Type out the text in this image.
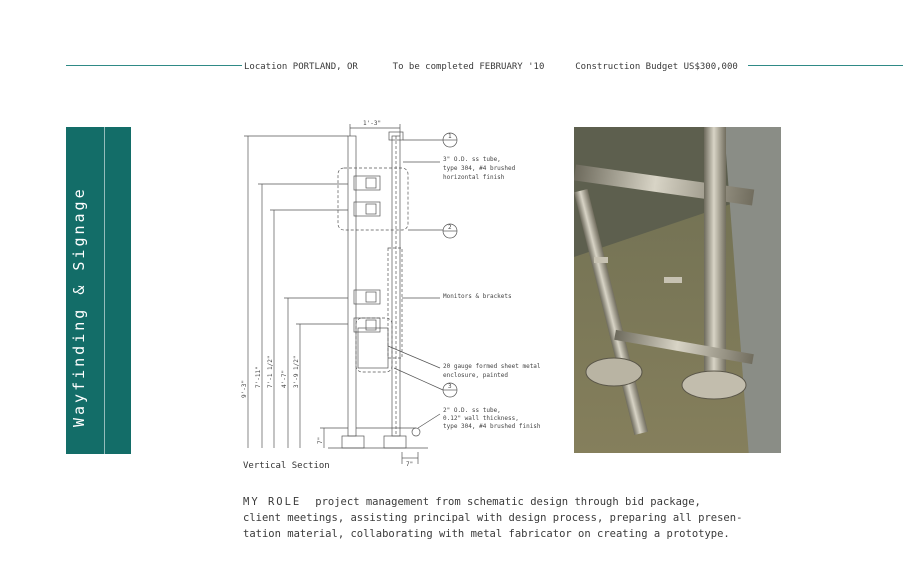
Location PORTLAND, OR	To be completed FEBRUARY '10	Construction Budget US$300,000
Wayfinding & Signage
1'-3"
1
2
3
3" O.D. ss tube,
type 304, #4 brushed
horizontal finish
Monitors & brackets
20 gauge formed sheet metal
enclosure, painted
2" O.D. ss tube,
0.12" wall thickness,
type 304, #4 brushed finish
9'-3"
7'-11" 7'-1 1/2" 4'-7" 3'-9 1/2"
7"
7"
Vertical Section
MY ROLE project management from schematic design through bid package,
client meetings, assisting principal with design process, preparing all presen-
tation material, collaborating with metal fabricator on creating a prototype.
